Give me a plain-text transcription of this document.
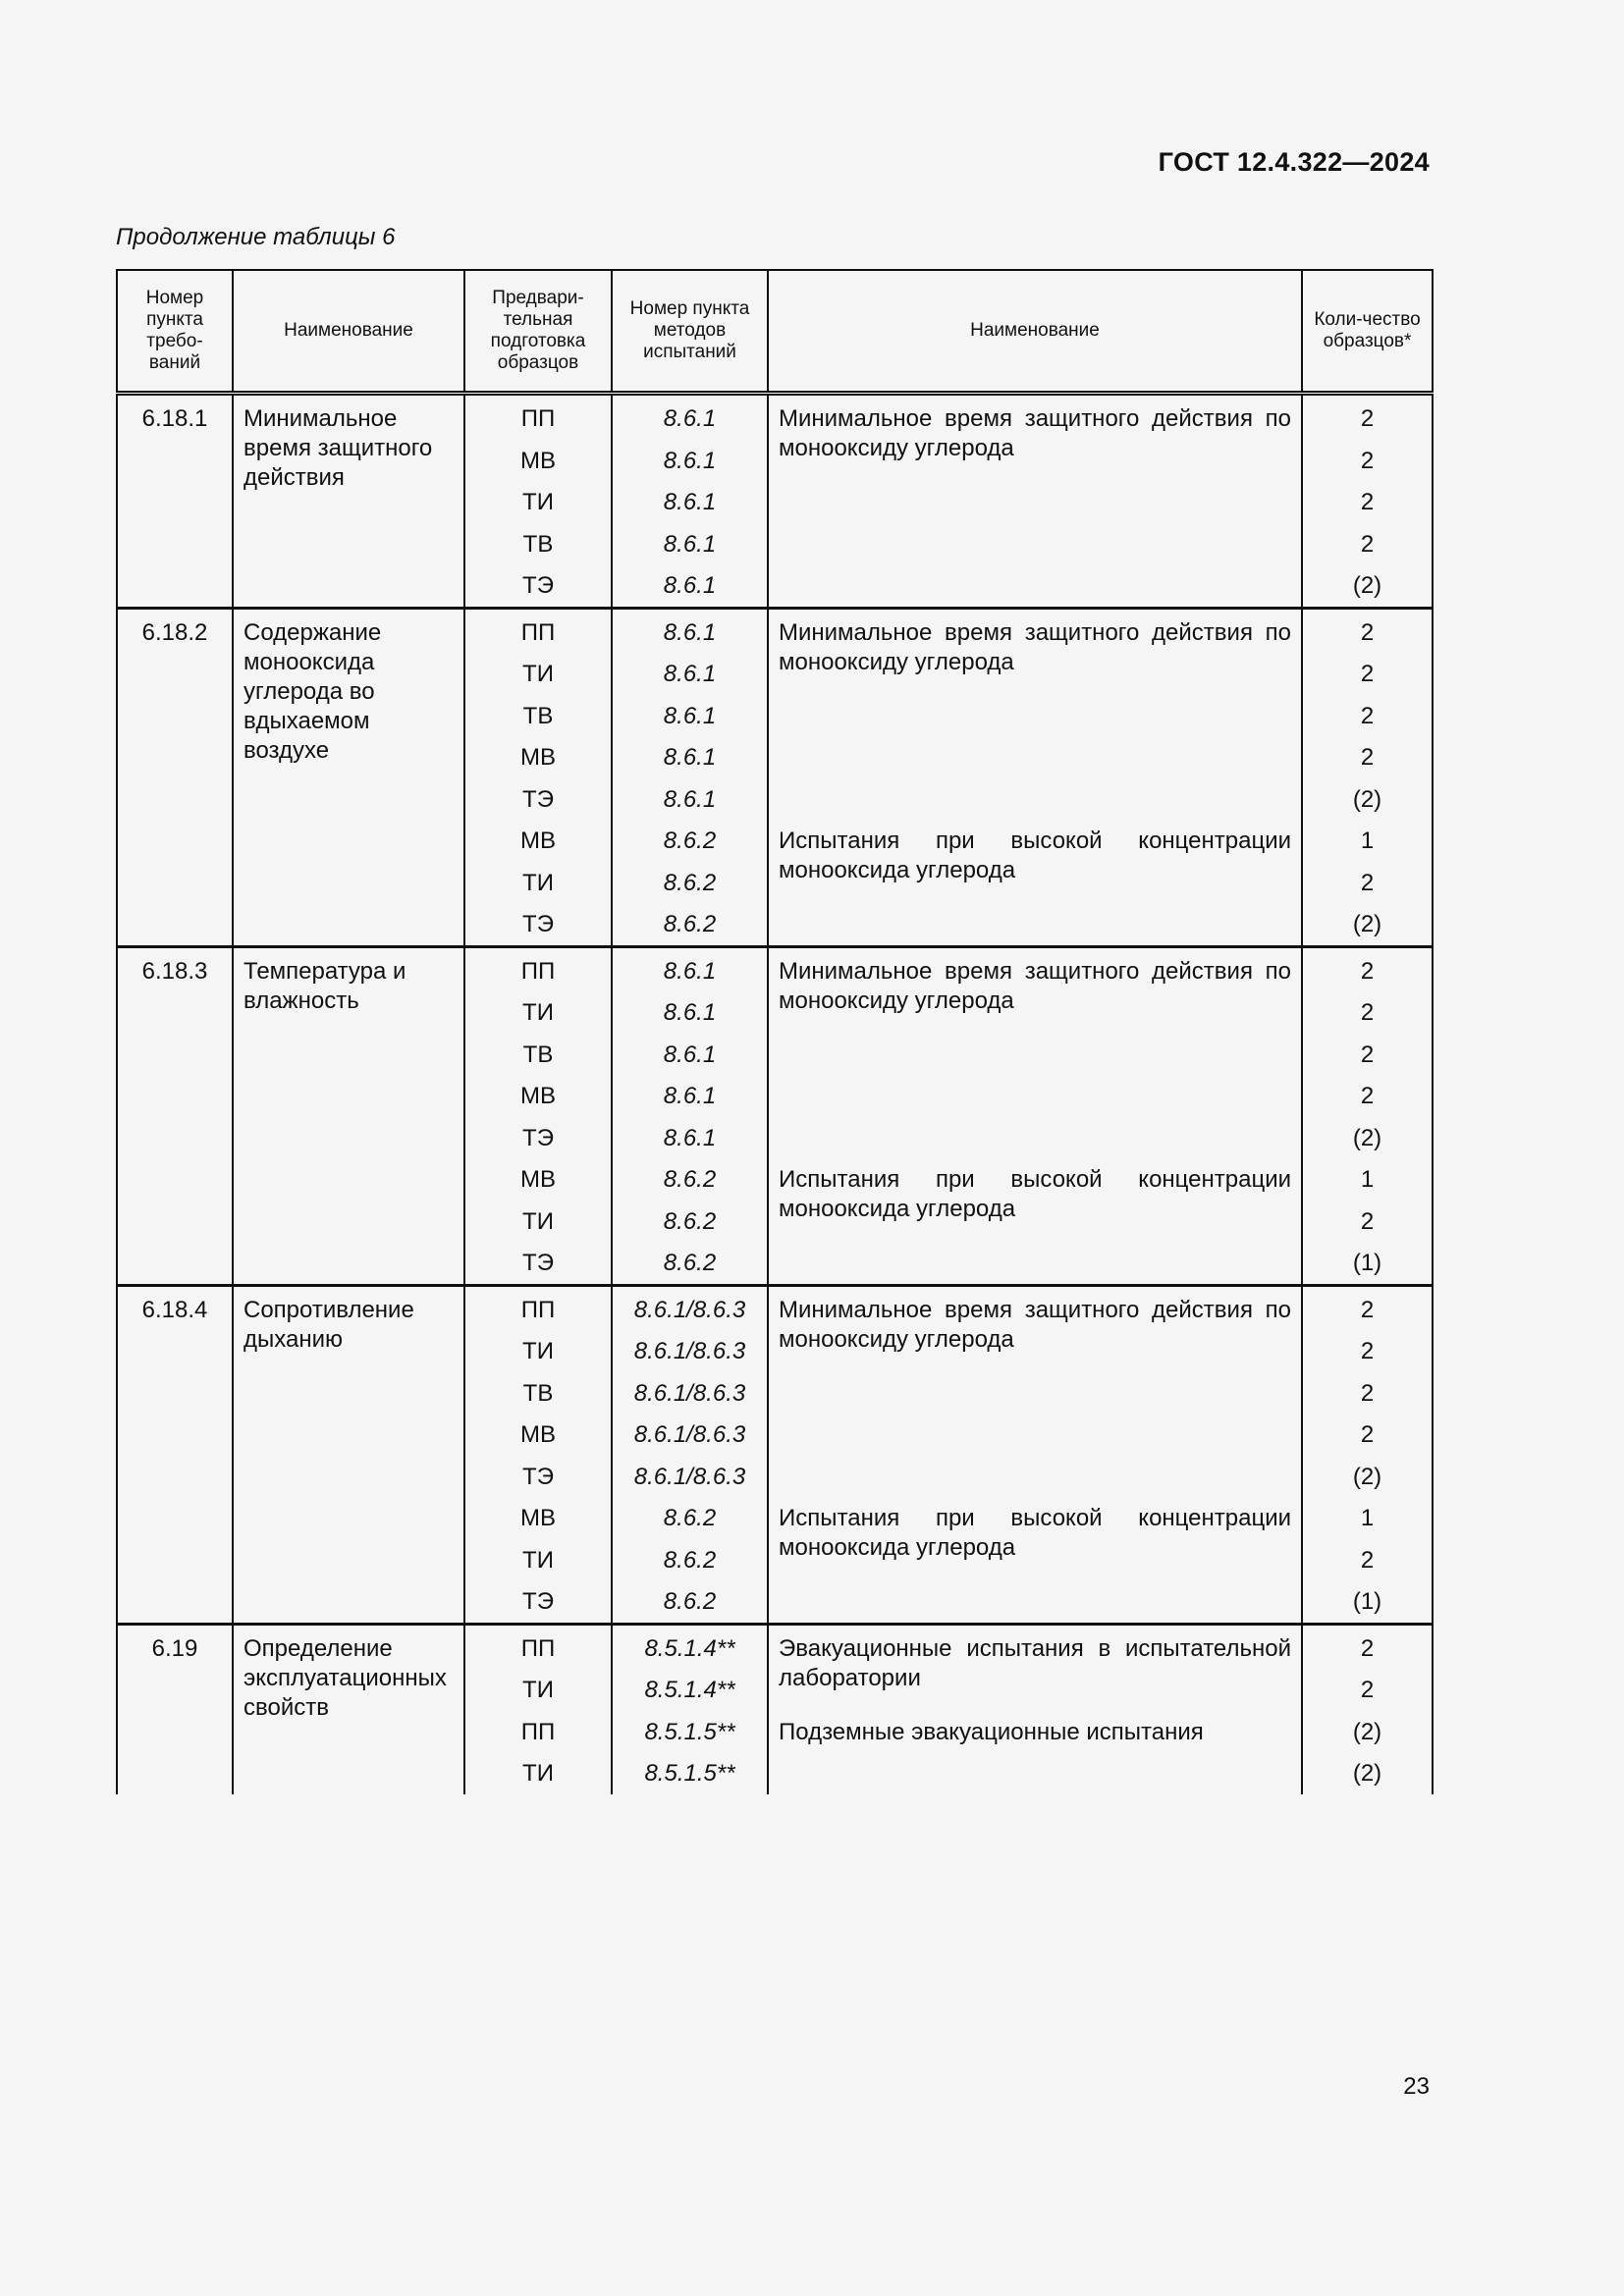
ГОСТ 12.4.322—2024
Продолжение таблицы 6
Номер пункта требо-ваний	Наименование	Предвари-тельная подготовка образцов	Номер пункта методов испытаний	Наименование	Коли-чество образцов*
6.18.1	Минимальное время защитного действия	ПП	8.6.1	Минимальное время защитного действия по монооксиду углерода	2
		МВ	8.6.1		2
		ТИ	8.6.1		2
		ТВ	8.6.1		2
		ТЭ	8.6.1		(2)
6.18.2	Содержание монооксида углерода во вдыхаемом воздухе	ПП	8.6.1	Минимальное время защитного действия по монооксиду углерода	2
		ТИ	8.6.1		2
		ТВ	8.6.1		2
		МВ	8.6.1		2
		ТЭ	8.6.1		(2)
		МВ	8.6.2	Испытания при высокой концентрации монооксида углерода	1
		ТИ	8.6.2		2
		ТЭ	8.6.2		(2)
6.18.3	Температура и влажность	ПП	8.6.1	Минимальное время защитного действия по монооксиду углерода	2
		ТИ	8.6.1		2
		ТВ	8.6.1		2
		МВ	8.6.1		2
		ТЭ	8.6.1		(2)
		МВ	8.6.2	Испытания при высокой концентрации монооксида углерода	1
		ТИ	8.6.2		2
		ТЭ	8.6.2		(1)
6.18.4	Сопротивление дыханию	ПП	8.6.1/8.6.3	Минимальное время защитного действия по монооксиду углерода	2
		ТИ	8.6.1/8.6.3		2
		ТВ	8.6.1/8.6.3		2
		МВ	8.6.1/8.6.3		2
		ТЭ	8.6.1/8.6.3		(2)
		МВ	8.6.2	Испытания при высокой концентрации монооксида углерода	1
		ТИ	8.6.2		2
		ТЭ	8.6.2		(1)
6.19	Определение эксплуатационных свойств	ПП	8.5.1.4**	Эвакуационные испытания в испытательной лаборатории	2
		ТИ	8.5.1.4**		2
		ПП	8.5.1.5**	Подземные эвакуационные испытания	(2)
		ТИ	8.5.1.5**		(2)
23
